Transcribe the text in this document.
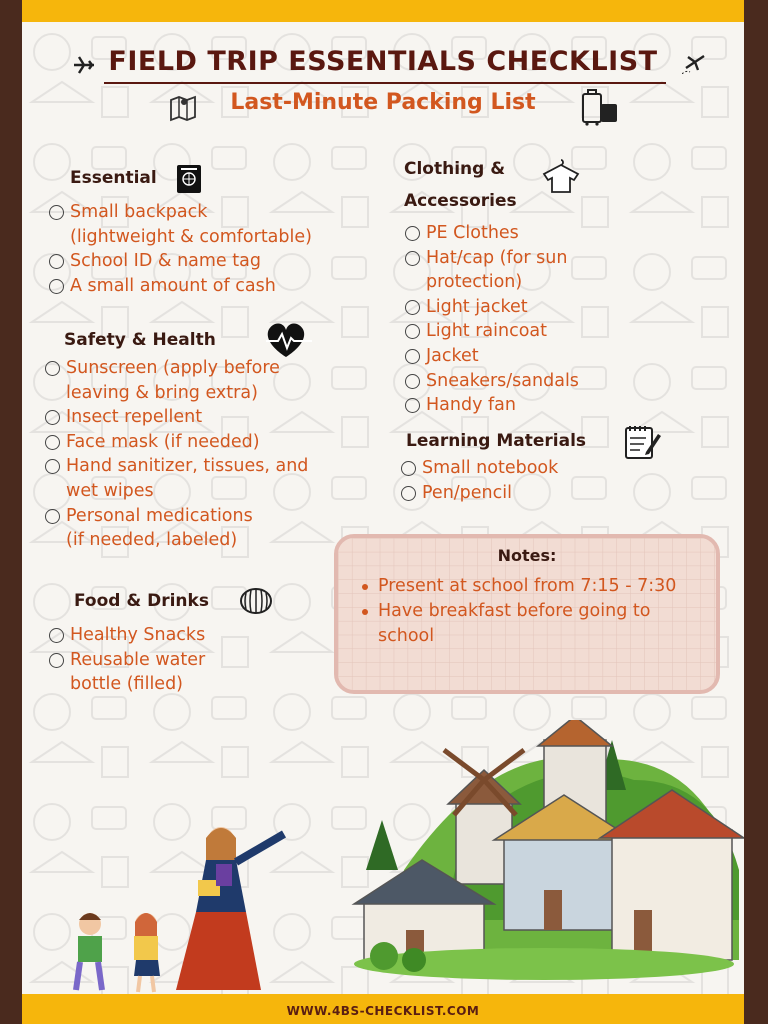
FIELD TRIP ESSENTIALS CHECKLIST
Last-Minute Packing List
Essential
Small backpack
(lightweight & comfortable)
School ID & name tag
A small amount of cash
Safety & Health
Sunscreen (apply before
leaving & bring extra)
Insect repellent
Face mask (if needed)
Hand sanitizer, tissues, and
wet wipes
Personal medications
(if needed, labeled)
Food & Drinks
Healthy Snacks
Reusable water
bottle (filled)
Clothing &
Accessories
PE Clothes
Hat/cap (for sun
protection)
Light jacket
Light raincoat
Jacket
Sneakers/sandals
Handy fan
Learning Materials
Small notebook
Pen/pencil
Notes:
Present at school from 7:15 - 7:30
Have breakfast before going to
school
WWW.4BS-CHECKLIST.COM
